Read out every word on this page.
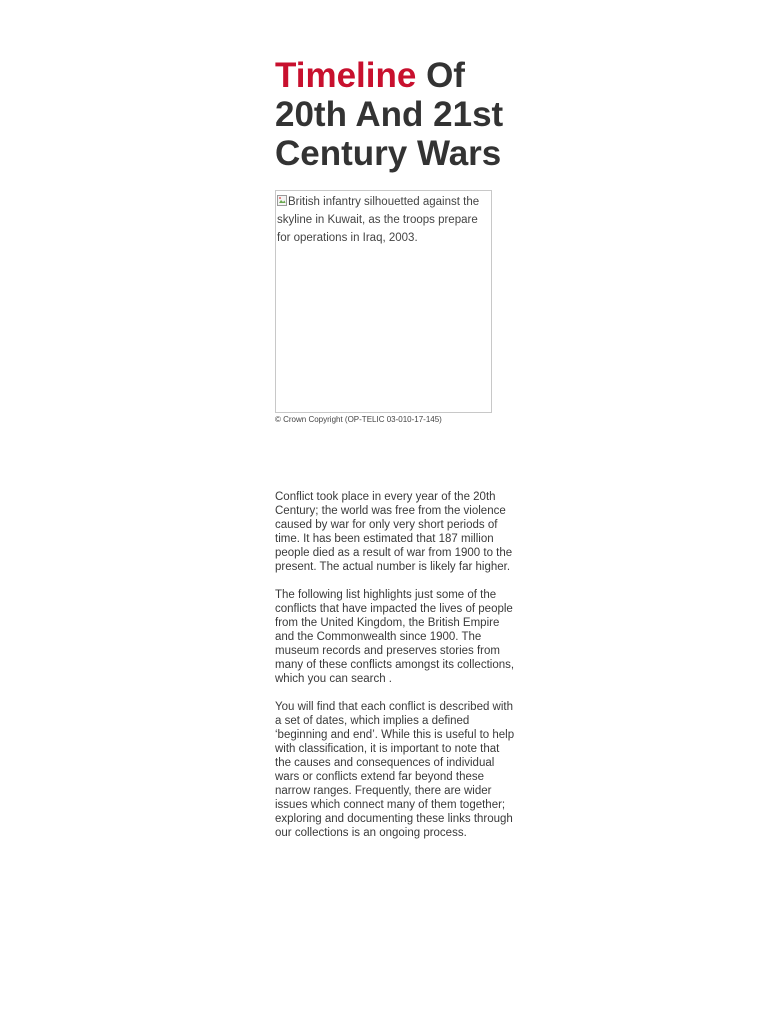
Timeline Of 20th And 21st Century Wars
British infantry silhouetted against the skyline in Kuwait, as the troops prepare for operations in Iraq, 2003.
© Crown Copyright (OP-TELIC 03-010-17-145)

Conflict took place in every year of the 20th Century; the world was free from the violence caused by war for only very short periods of time. It has been estimated that 187 million people died as a result of war from 1900 to the present. The actual number is likely far higher.

The following list highlights just some of the conflicts that have impacted the lives of people from the United Kingdom, the British Empire and the Commonwealth since 1900. The museum records and preserves stories from many of these conflicts amongst its collections, which you can search .

You will find that each conflict is described with a set of dates, which implies a defined ‘beginning and end’. While this is useful to help with classification, it is important to note that the causes and consequences of individual wars or conflicts extend far beyond these narrow ranges. Frequently, there are wider issues which connect many of them together; exploring and documenting these links through our collections is an ongoing process.
